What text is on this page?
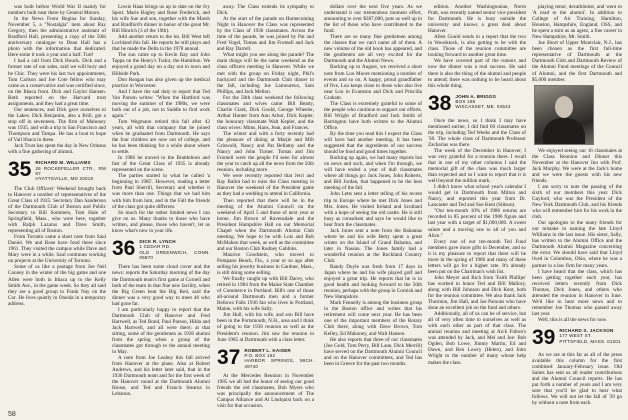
was built before World War II mainly for numbers built near there by General Motors.

In the News From Regina for Sunday, November 5, a "Nostalgia" item about Ray Gregory, then the administrative assistant of Bradford Hall, presenting a copy of the 50th anniversary catalogue to Dean Hall has a photo with the information that dedicated. Here some it took a year and a half. Turt!

I had a call from Dick Houck. Dick and a former rate of our sales, said we will bury and be Chic. They were his last two appointments, Tom Carlson and Joe Cote fellow who may came as a conservative and was certified since, on the Ithaca front. Dick and Gaylor Hansen. Both reported on the Harvard trust assignments, and they had a great time.

Our sentences, and Dick gave ourselves to the Lakes. Dick Benjamin, also a Brill, got a stop off in seventeen. The firm of Mahoney was 1935, and with a trip to San Francisco and Thompson and Tampa. He has a boat to hope of Vail Ithaca in these.

Jack Trust has spent the day in New Orleans with a fine gathering of alumni.

35 RICHARD M. WILLIAMS
26 ROCKEFELLER CTR., RM 87
HYATTSVILLE, MD 20015

The Club Officers' Weekend brought back to Hanover a number of representatives of the Great Class of 1935: Secretary Dan Sanderson of the Dartmouth Club of Boston and Public Secretary to Bill Sommers, Tom Hale of Springfield, Mass., who were here, together with Ralph Lazarus and Dave Smith, representing all of Boston.

From Toronto came a short note from Saul Daniel. We and Rose have fond these since 1961. They visited the campus while Dave and Mary were in a while. Saul continues working on projects at the University of Toronto.

Some of us like a postage from Joe Neil Cooney in the winter of the big game and one Allen were both in Ithaca up to the Kelly Smith Ave., in the game week. So they all said they are a good group to Frank Nay on the Cor. He lives quietly in Oneida in a temporary address.

Lowie Haas brings us up to date on the Ivy Sport. Marie Bagley and Rose Frederick, and his wife Sue and son, together with the Marsh and Bradford's dinner in honor of the great Mr. Bill Hinrich (3 of the 19th).

Add another return to the lot. Bill West left Lochland this fall. He reports he still plays and that he made the Delta in the 1978 annual.

The sun came up to Kevin Ray and John Tappa on the Henry's Tudor, the Hamilton. We enjoyed a grand day on a day out in town and Hillside Park.

Don Reagan has also given up the medical practice in Worcester.

And I have the sad duty to report that Ted Van Parson writes: "When the Hartford was moving the summer of the 1980s, we were both out of a job, not to Saddle to find work again."

Tom Wegmann retired this fall after 42 years, all with that company that he joined when he graduated from Dartmouth. He says the four children are now out of college, and he has been thinking for a while about where to settle.

In 1986 he moved to the Brattleboro and fast of the Great Class of 1935 is already represented on the scene.

The parties started in what he called 'a beginning in 1985'. However, reading a letter from Paul Sherrill, Secretary and whether it was more than one. Things that we had him with him from him, and in the Fall the friends of the class got quite different.

So much for the rather limited news I can give on us. Many thanks to those who have written, and please, those who haven't, let us know what's new in your life.

36 DICK R. LYNCH
1 CEDAR RD.
OLD GREENWICH, CONN. 06870

There has been some cloud cover and the news: reports the Saturday morning of the day the Dartmouth team's first game at Cornell and both of the team in that fine new facility, when the Big Green beat the Big Red, said the dinner was a very good way to meet 46 who had gone far.

I am particularly happy to report that the Dartmouth Club of Hanover and Fred Hartwell, as Ted Bond, Paul Parson, Hilda and Jack Hartwell, and all were there; at that sitting, some of the gentlemen as 1936 alumni from the spring when a group of the classmates got through to the annual meeting in May.

A note from Joe Leahey this fall arrived from Hanover at the plane. Also at Robert Andrews, and his letter later said, that in the 1936 Dartmouth team and for the first week of the Hanover round at the Dartmouth Alumni House, and Ted and Francis Stearns in Lebanon.

away. The Class extends its sympathy to Dick.

At the start of the parade on Homecoming Night in Hanover the Class was represented by the Class of 1936 classmates. Across the time of the parade, he was joined by Pat and Fred Vogel, Tomas and Jim Fromell and Jack and Ray Darrell.

What might you see along the parade? The main things will be the same weekend as the class officers meeting in Hanover. While we met with the group on Friday night, Phil's backyard and the Dartmouth Club dinner in the fall, including Joe Lamoureux, Sam Phillips, and Jack Mellon.

For the 50th class weekend the following classmates and wives came: Bill Beatty, Charlie Clark, Dick Gould, George Wheeler, Arthur Hunter from Ann Arbor, Dick Kepler, the honorary classmate Walt Kepler, and the class wives: Mims, Hans, Jean, and Frances.

The winter and with a forty recently had the pleasure of dining at Marjie and Milt Griswold, Nancy and Pat Bellamy and the Nancy and John Turner. Tomas and Jim Fromell were the people I'd seen for almost the year to catch up all the news from the 50th reunion, including more.

We were recently reported that Jerri and Ray Ballot had to miss the Class meeting in Hanover the weekend of the President game as they had a wedding to attend in California.

Then reported that there will be in the meeting of the Alumni Council on the weekend of April 5 and those of next year at home. Jim Brown of Ravensdale and the President Hampshire Hall on our Memorial Chapel when the Dartmouth Alumni Club meeting. We hope to be with Lois and Bob McMahon that week, as well as the committee and our Boston Club Rodney Gubbins.

Maurice Goodstein, who moved to Pompano Beach, Fla., a year or so ago after selling his jewelry business in Gardner, Mass., is still doing some selling.

We finally caught up with Bill Dacey, who retired in 1984 from the Maine State Chamber of Commerce in Portland. Bill's one of those all-around Dartmouth men and a former Bellows Falls 1936 fan who lives in Portland, Maine, with his wife Sally.

Jim Hull, with his wife, and son Bill have been in the Portsmouth, N.H., area and I think of going to the 1936 reunion as well as the President's reunion. Jim saw the reunion in June 1985 at Dartmouth with a class letter.

37 ROBERT L. KAISER
P.O. BOX 152
HARBOR SPRINGS, MICH. 49740

At the Mercedes Reunion in November 1985 we all had the honor of seeing our good friends the old classmates, Bob Myers who was principally the announcement of The Campus Alliance and Al Lindquist back on a visit for that occasion.

dollars over the next five years. As we understand it our tremendous moment effort, amounting to over $387,000, puts us well up in the list of those who have contributed to the fund.

There are so many fine gentlemen among the classes that we can't name all of them. A new volume of the old book has appeared, and the gentlemen are all very excited for the Dartmouth and the Alumni News.

Backing up to August, we received a short note from Lou Moore mentioning a number of events and so on. A happy, proud grandfather of five, Lou keeps close to those who also live near Lou in Evanston and Dick and Priscilla Graham.

The Class is extremely grateful to some of the people who continue to support our efforts. Bill Wright of Bradford and Jack Smith of Barrington have both written to the Alumni Office.

By the time you read this I expect the Class will have had another meeting. It has been suggested that the ingredients of our success should be food and good times together.

Backing up again, we had many reports but on news and such, and when I'm through, we will have ended a year of dull classmates where all things go: Jack Jones, John Roberts, and Bill Jordan, that happened to be the best meeting of the fall.

John Letts sent a letter telling of his recent trip to Europe where he met Dick Jones and Mrs. Jones. He visited Ireland and Scotland with a hope of seeing the old castle. He is still busy as consultant and says he would like to hear from the classmates.

Jack Jones sent a note from the Bahamas where he and his wife Betty spent a great winter on the Island of Grand Bahama, and later in Nassau. The Jones family had a wonderful reunion at the Rockland Country Club.

Randy Doyle was fresh from 17 days in Japan where he and his wife played golf and enjoyed a great trip. He reports that he is in good health and looking forward to the 50th reunion, perhaps with the group in Cornish and New Hampshire.

Mark Fennelly is among the business group in the Boston office and writes that his retirement will come next year. He has been one of the important members of the Rotary Club there, along with Dave Brown, Tom Kelley, Ed Mahoney, and Walt Hansen.

He also reports that three of our classmates (Joe Gold, Tom Perry, Bill Lane, Dick Merrill) have served on the Dartmouth Alumni Council and on the Hanover committees, and Ted has been in Greece for the past two months.

edition. Another Washingtonian, Norm Pratt, was recently named senior vice president for Dartmouth. He is busy outside the university and knows a great deal about Hanover.

Allen Gould sends in a report that the two in Woodstock, is also getting to be with the class. Those of the reunion committee are looking forward to another great time.

We have covered part of the rumors and now the dinner was a real success. He said there is also the thing of the alumni and people to attend; there was nothing to be heard about this whole thing.

38 JOHN A. BRIGGS
BOX 185
WISCASSET, ME. 04543

Once the news, so I think I may have mentioned earlier, I did find 60 classmates on the trip, including Ted Weeks and the Class of '38. The whole class of Dartmouth Professor Zacharias was there.

The week of the December in Hanover, I was very grateful for a reunion there. I recall that in one of my other columns I said the memorial gift of the class was much larger than expected and so I want to report that it is well beyond the million mark.

I didn't know what school year's calendar I would get in Dartmouth from Milton and Nancy, and reported this year from Dr. Lancaster and Ted and Sue Kent (Stitson).

"Our ten-month 10% of 1986 returns are recorded in 85 percent of the 1986 figure and last year with a target of $1,000,000. A sweet salute and a moving one to all of you and Alice."

Every one of our ten-month Ted Fund members gave more gifts in December, and so it is my pleasure to report that there will be more in the spring of 1986 and many of these letters will go for a higher rate. It's already been put on the Chairman's wish list.

John Meyer and Rich from 'Faith Phillips' has worked to honor Ted and Bill Mallory, along with Bill Johnson and Dick Kent, both for the reunion committee. We also thank Jack Thornton, Jim Hall, and Joe Parsons who have done an excellent job on the fund and others.

Additionally, all of us can be of service, but all of very often time to ourselves as well as with each other as part of that class. The annual reunion and meeting at Arch Fulton's was attended by Jack, and Mel and Joe: Bob Ogden, Bob Lowe, Jimmy Martin, Ed and Dawn, and Ben Lowry (Helen), and John Wright to the number of many whose help makes the class.

playing tenor, decathlonist, and went to 'A road to the alumni'. In addition to College of Air Training, Hamilton, Houston, Hampshire, England, OSS, and he spent a stint as an agent, a fine career in New Hampshire, Mr. Smith.

Joe Short of Upper Montclair, N.J., has been chosen as the first full-time representative of Dartmouth at the Dartmouth Club and Dartmouth Review of the Alumni Fund meetings of the Council of Alumni, and the first Dartmouth and $5,000 member.

We enjoyed seeing our 16 classmates at the Class Reunion and Dinner this November at the Hanover Inn with Prof. Jack Murphy. We were at the Jack's home and we were the guests with his new friends.

I am sorry to note the passing of the sixth of our members this year. Dick Gaylord, who was the President of the New York Dartmouth Club, and his friends who will remember him for his work in the club.

Our apologies to the many friends for our mistake in naming the late Lloyd Williams in the last issue. His sister, Sally, has written to the Alumni Office and the Dartmouth Alumni Magazine concerning the error. We should have said that Lloyd lived in Columbus, Ohio, where he was a partner in a law firm for many years.

I have heard that the class, which has been getting together each year, has received letters recently from Dick Thomas, Dick Jones, and others who attended the reunion in Hanover in June. We'd like to hear more news and to remember Joe Thomas who passed away last year.

Well, this is all the news for now.

39 RICHARD S. JACKSON
177 WEST ST.
PITTSFIELD, MASS. 01201

As we are at this far as all of the press available this column for the first combined January-February issue. Old Saints has sent us all reader contributions and the Alumni Council reports. He has put forth a number of years and I am very sure that you'll be glad to hear what follows. We will not let the fall of '39 go by without a note from each.

58
